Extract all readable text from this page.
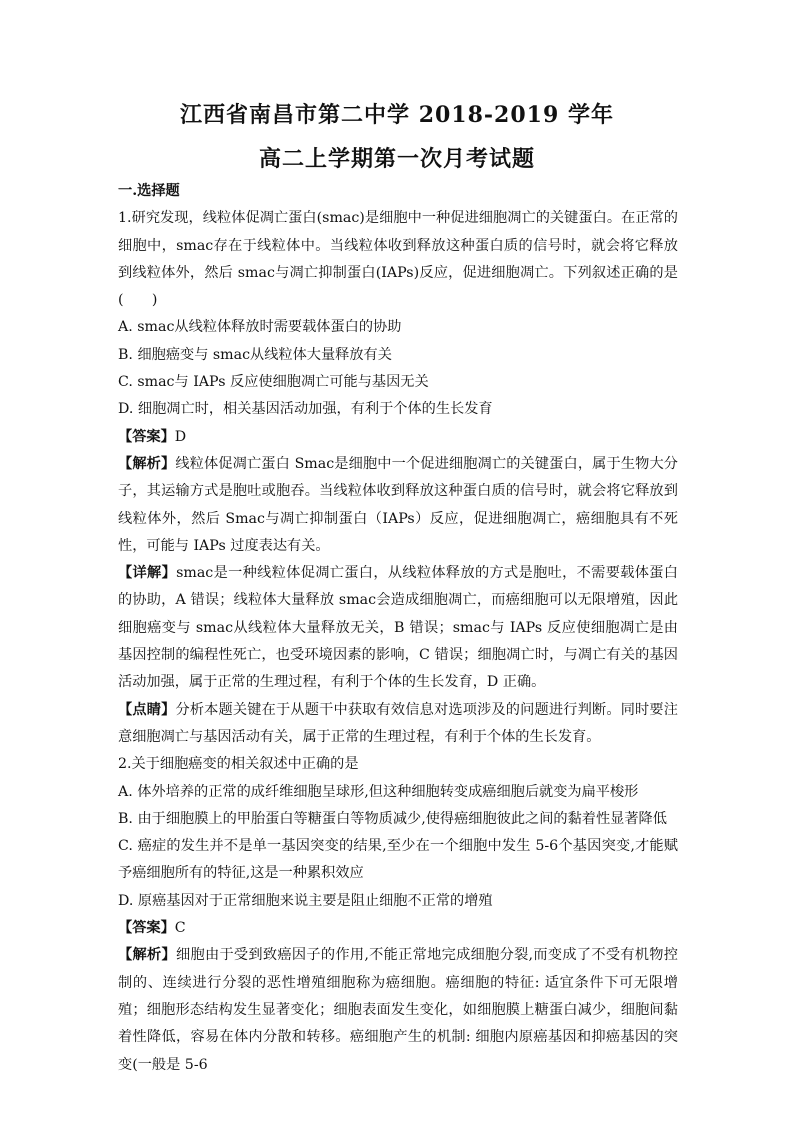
江西省南昌市第二中学 2018-2019 学年
高二上学期第一次月考试题

一.选择题

1.研究发现，线粒体促凋亡蛋白(smac)是细胞中一种促进细胞凋亡的关键蛋白。在正常的细胞中，smac存在于线粒体中。当线粒体收到释放这种蛋白质的信号时，就会将它释放到线粒体外，然后 smac与凋亡抑制蛋白(IAPs)反应，促进细胞凋亡。下列叙述正确的是(　　)

A. smac从线粒体释放时需要载体蛋白的协助

B. 细胞癌变与 smac从线粒体大量释放有关

C. smac与 IAPs 反应使细胞凋亡可能与基因无关

D. 细胞凋亡时，相关基因活动加强，有利于个体的生长发育

【答案】D

【解析】线粒体促凋亡蛋白 Smac是细胞中一个促进细胞凋亡的关键蛋白，属于生物大分子，其运输方式是胞吐或胞吞。当线粒体收到释放这种蛋白质的信号时，就会将它释放到线粒体外，然后 Smac与凋亡抑制蛋白（IAPs）反应，促进细胞凋亡，癌细胞具有不死性，可能与 IAPs 过度表达有关。

【详解】smac是一种线粒体促凋亡蛋白，从线粒体释放的方式是胞吐，不需要载体蛋白的协助，A 错误；线粒体大量释放 smac会造成细胞凋亡，而癌细胞可以无限增殖，因此细胞癌变与 smac从线粒体大量释放无关，B 错误；smac与 IAPs 反应使细胞凋亡是由基因控制的编程性死亡，也受环境因素的影响，C 错误；细胞凋亡时，与凋亡有关的基因活动加强，属于正常的生理过程，有利于个体的生长发育，D 正确。

【点睛】分析本题关键在于从题干中获取有效信息对选项涉及的问题进行判断。同时要注意细胞凋亡与基因活动有关，属于正常的生理过程，有利于个体的生长发育。

2.关于细胞癌变的相关叙述中正确的是

A. 体外培养的正常的成纤维细胞呈球形,但这种细胞转变成癌细胞后就变为扁平梭形

B. 由于细胞膜上的甲胎蛋白等糖蛋白等物质减少,使得癌细胞彼此之间的黏着性显著降低

C. 癌症的发生并不是单一基因突变的结果,至少在一个细胞中发生 5-6个基因突变,才能赋予癌细胞所有的特征,这是一种累积效应

D. 原癌基因对于正常细胞来说主要是阻止细胞不正常的增殖

【答案】C

【解析】细胞由于受到致癌因子的作用,不能正常地完成细胞分裂,而变成了不受有机物控制的、连续进行分裂的恶性增殖细胞称为癌细胞。癌细胞的特征: 适宜条件下可无限增殖；细胞形态结构发生显著变化；细胞表面发生变化，如细胞膜上糖蛋白减少，细胞间黏着性降低，容易在体内分散和转移。癌细胞产生的机制: 细胞内原癌基因和抑癌基因的突变(一般是 5-6
